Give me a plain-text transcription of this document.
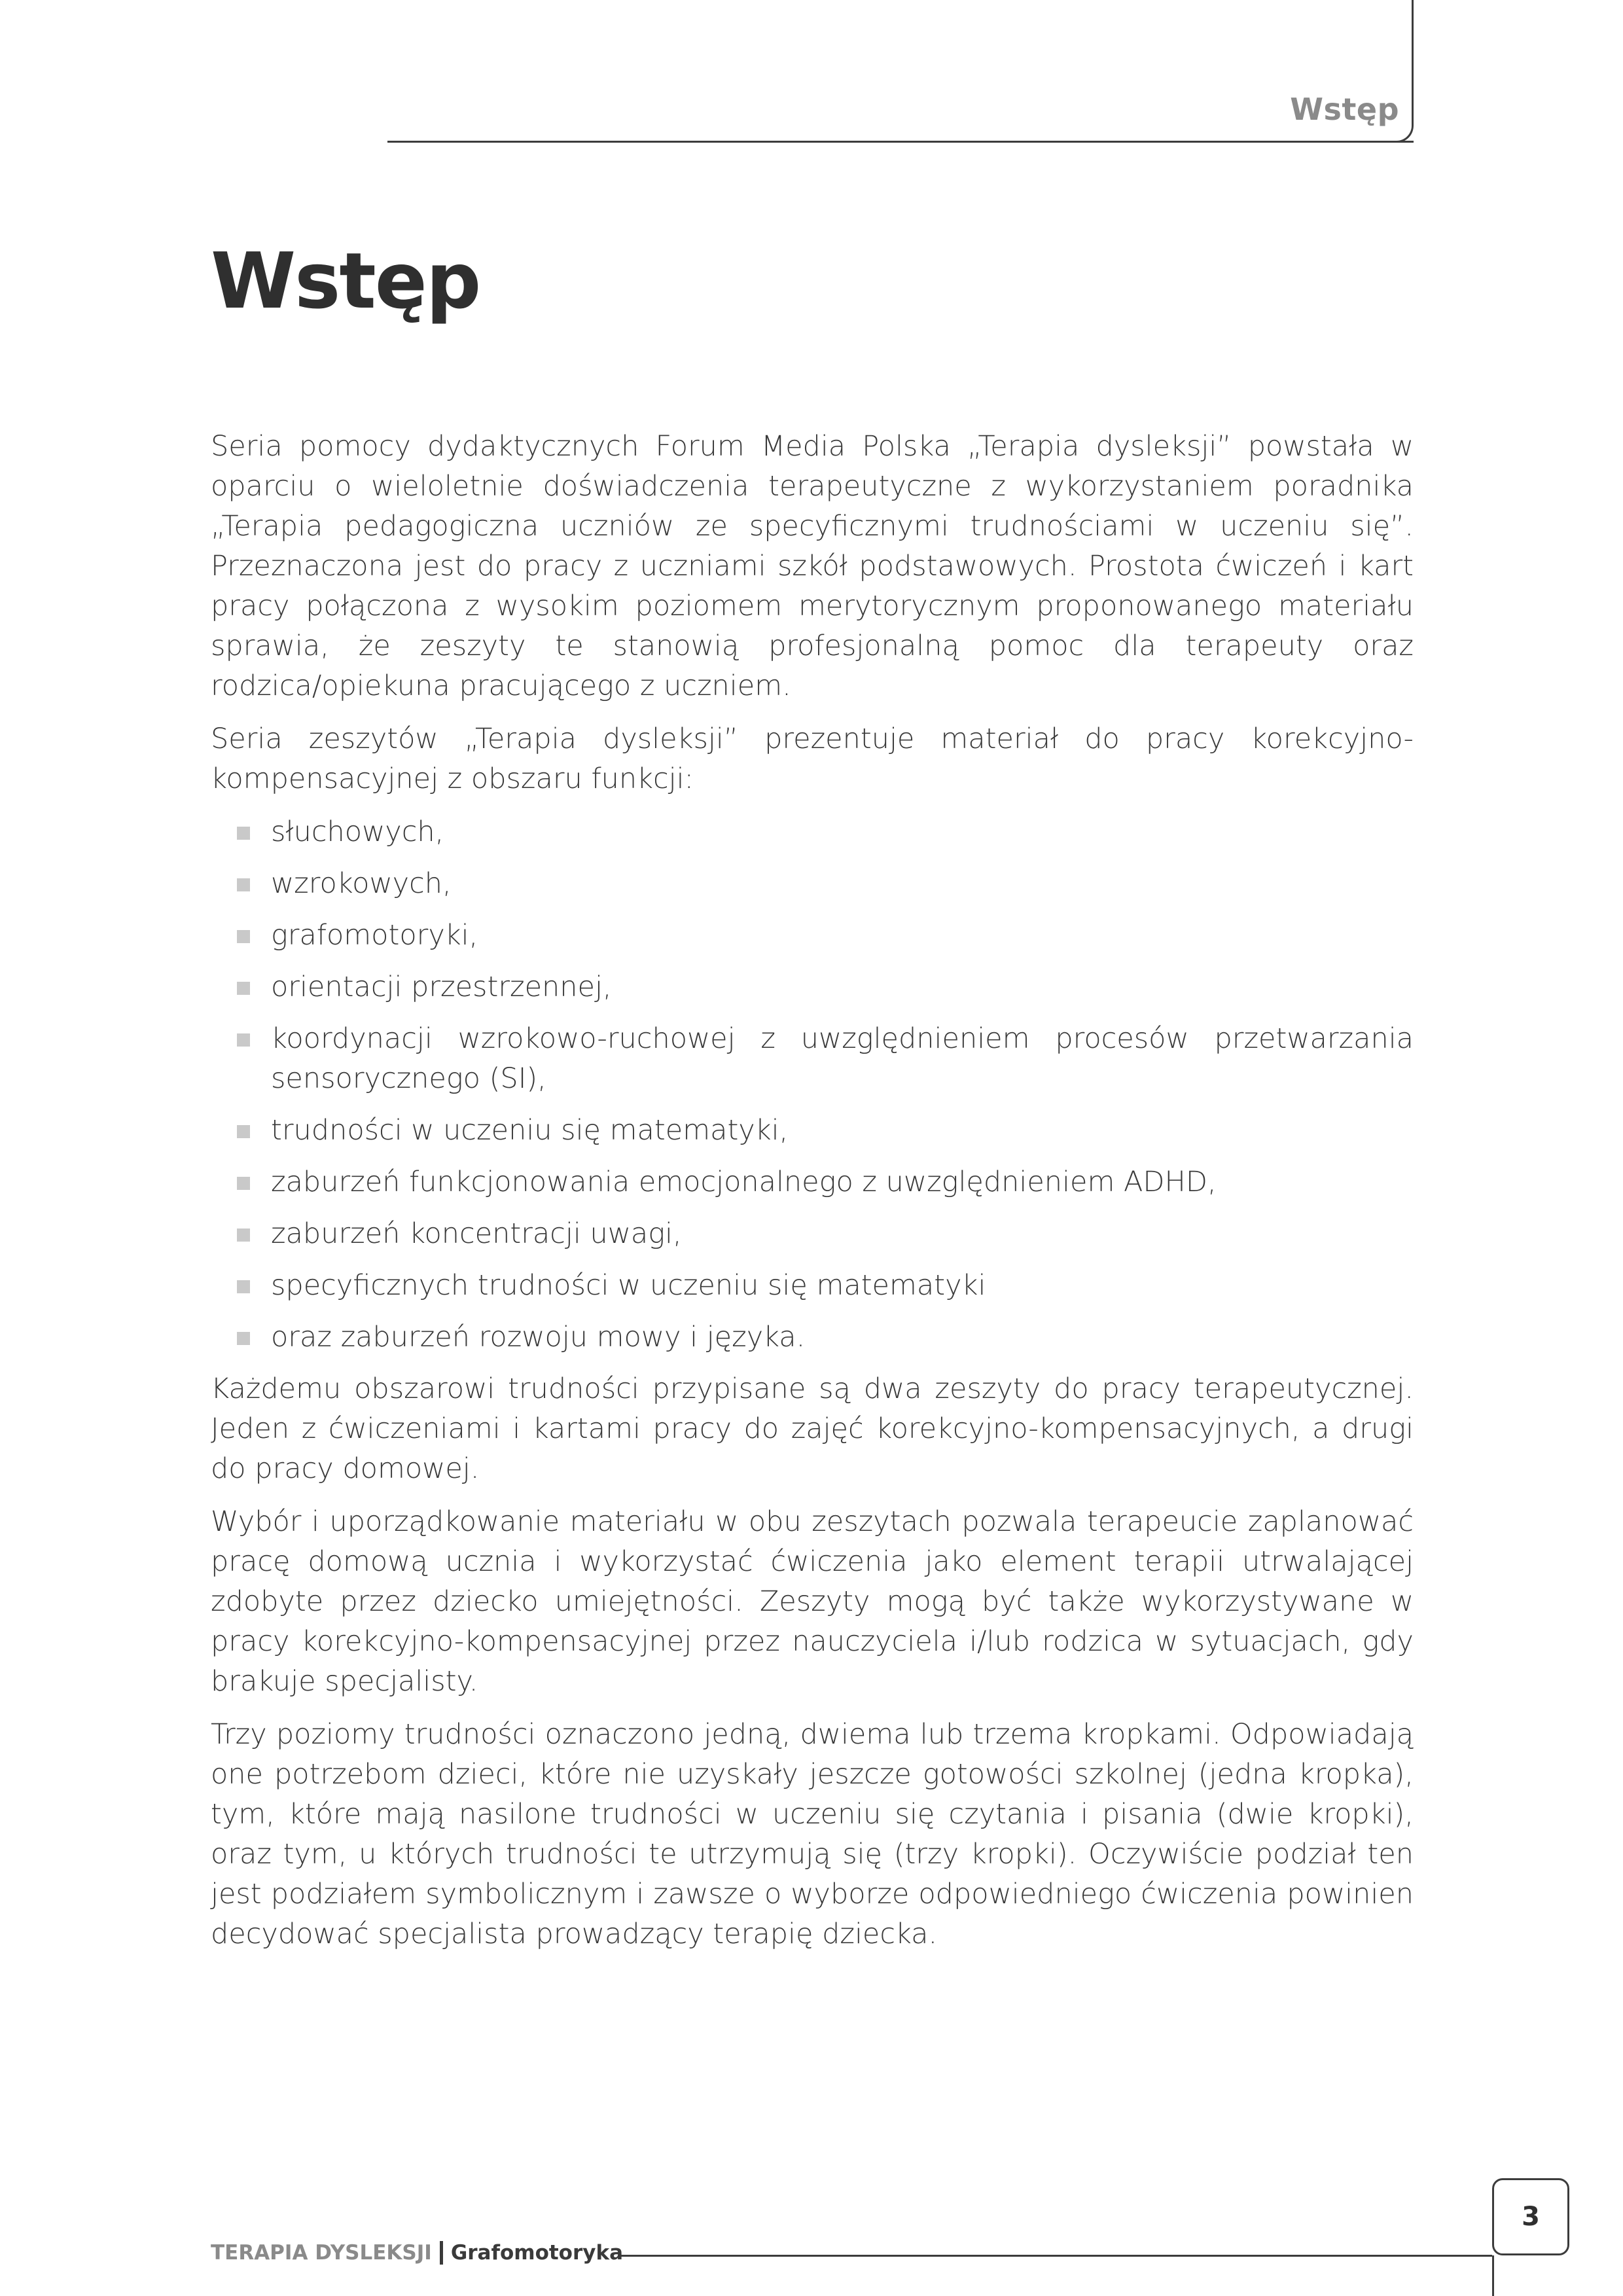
Wstęp
Wstęp

Seria pomocy dydaktycznych Forum Media Polska „Terapia dysleksji” powstała w oparciu o wieloletnie doświadczenia terapeutyczne z wykorzystaniem poradnika „Terapia pedagogiczna uczniów ze specyficznymi trudnościami w uczeniu się”. Przeznaczona jest do pracy z uczniami szkół podstawowych. Prostota ćwiczeń i kart pracy połączona z wysokim poziomem merytorycznym proponowanego materiału sprawia, że zeszyty te stanowią profesjonalną pomoc dla terapeuty oraz rodzica/opiekuna pracującego z uczniem.

Seria zeszytów „Terapia dysleksji” prezentuje materiał do pracy korekcyjno-kompensacyjnej z obszaru funkcji:

słuchowych,
wzrokowych,
grafomotoryki,
orientacji przestrzennej,
koordynacji wzrokowo-ruchowej z uwzględnieniem procesów przetwarzania sensorycznego (SI),
trudności w uczeniu się matematyki,
zaburzeń funkcjonowania emocjonalnego z uwzględnieniem ADHD,
zaburzeń koncentracji uwagi,
specyficznych trudności w uczeniu się matematyki
oraz zaburzeń rozwoju mowy i języka.

Każdemu obszarowi trudności przypisane są dwa zeszyty do pracy terapeutycznej. Jeden z ćwiczeniami i kartami pracy do zajęć korekcyjno-kompensacyjnych, a drugi do pracy domowej.

Wybór i uporządkowanie materiału w obu zeszytach pozwala terapeucie zaplanować pracę domową ucznia i wykorzystać ćwiczenia jako element terapii utrwalającej zdobyte przez dziecko umiejętności. Zeszyty mogą być także wykorzystywane w pracy korekcyjno-kompensacyjnej przez nauczyciela i/lub rodzica w sytuacjach, gdy brakuje specjalisty.

Trzy poziomy trudności oznaczono jedną, dwiema lub trzema kropkami. Odpowiadają one potrzebom dzieci, które nie uzyskały jeszcze gotowości szkolnej (jedna kropka), tym, które mają nasilone trudności w uczeniu się czytania i pisania (dwie kropki), oraz tym, u których trudności te utrzymują się (trzy kropki). Oczywiście podział ten jest podziałem symbolicznym i zawsze o wyborze odpowiedniego ćwiczenia powinien decydować specjalista prowadzący terapię dziecka.

TERAPIA DYSLEKSJI Grafomotoryka
3
